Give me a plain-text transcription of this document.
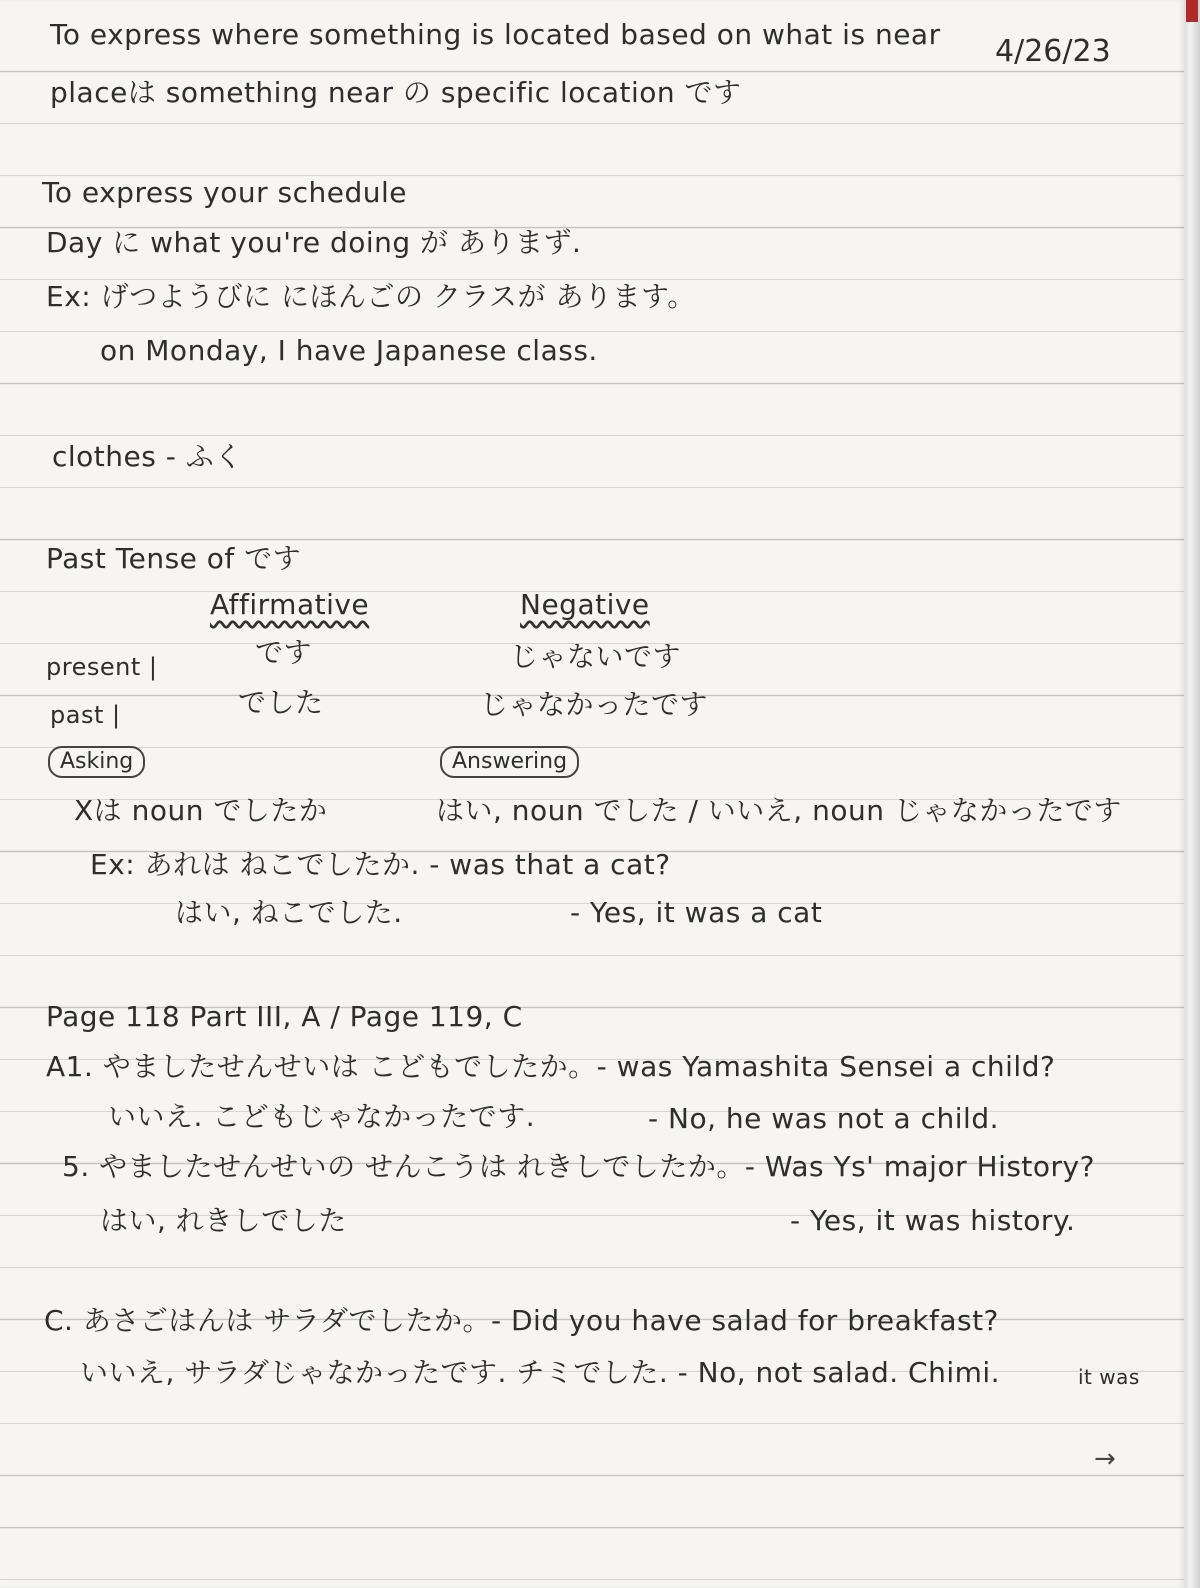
To express where something is located based on what is near 4/26/23
placeは something near の specific location です
To express your schedule
Day に what you're doing が ありまず.
Ex: げつようびに にほんごの クラスが あります。
on Monday, I have Japanese class.
clothes - ふく
Past Tense of です
Affirmative	Negative
present |	です	じゃないです
past |	でした	じゃなかったです
Asking	Answering
Xは noun でしたか	はい, noun でした / いいえ, noun じゃなかったです
Ex: あれは ねこでしたか. - was that a cat?
はい, ねこでした.	- Yes, it was a cat
Page 118 Part III, A / Page 119, C
A1. やましたせんせいは こどもでしたか。- was Yamashita Sensei a child?
いいえ. こどもじゃなかったです.	- No, he was not a child.
5. やましたせんせいの せんこうは れきしでしたか。- Was Ys' major History?
はい, れきしでした	- Yes, it was history.
C. あさごはんは サラダでしたか。- Did you have salad for breakfast?
いいえ, サラダじゃなかったです. チミでした. - No, not salad. Chimi.	it was
→
